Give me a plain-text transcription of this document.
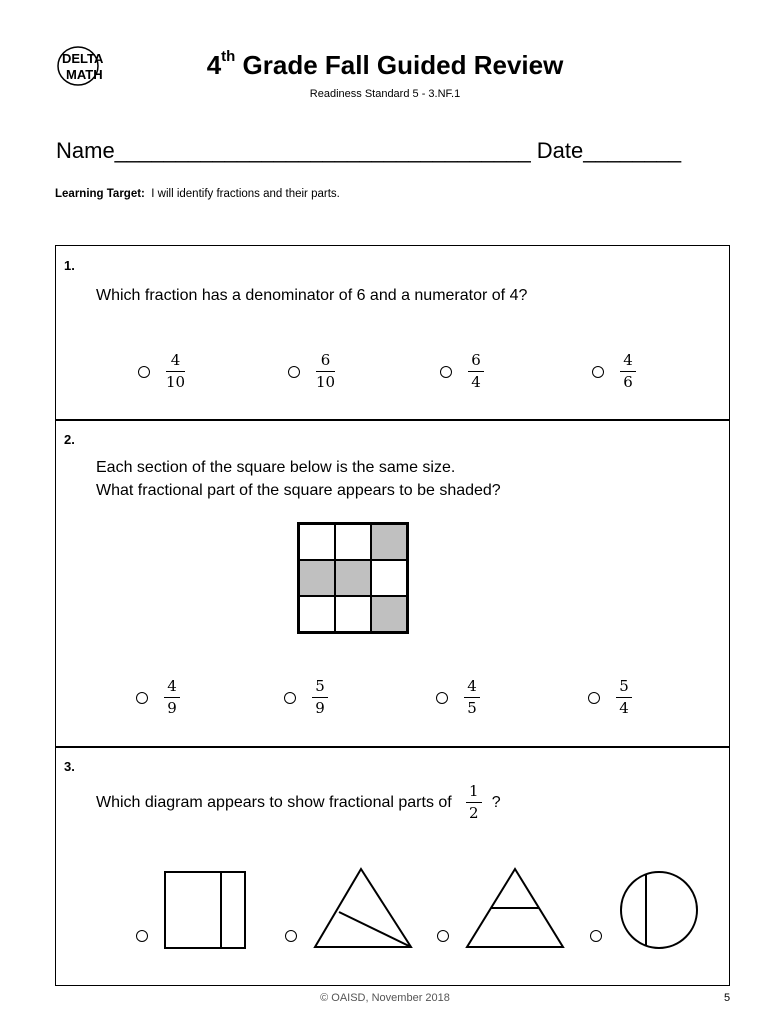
DELTA
MATH	4th Grade Fall Guided Review
Readiness Standard 5 - 3.NF.1
Name__________________________________ Date________
Learning Target: I will identify fractions and their parts.
1.
Which fraction has a denominator of 6 and a numerator of 4?
$\frac{4}{10}$	$\frac{6}{10}$	$\frac{6}{4}$	$\frac{4}{6}$
2.
Each section of the square below is the same size.
What fractional part of the square appears to be shaded?
$\frac{4}{9}$	$\frac{5}{9}$	$\frac{4}{5}$	$\frac{5}{4}$
3.
Which diagram appears to show fractional parts of $\frac{1}{2}$ ?
© OAISD, November 2018	5
